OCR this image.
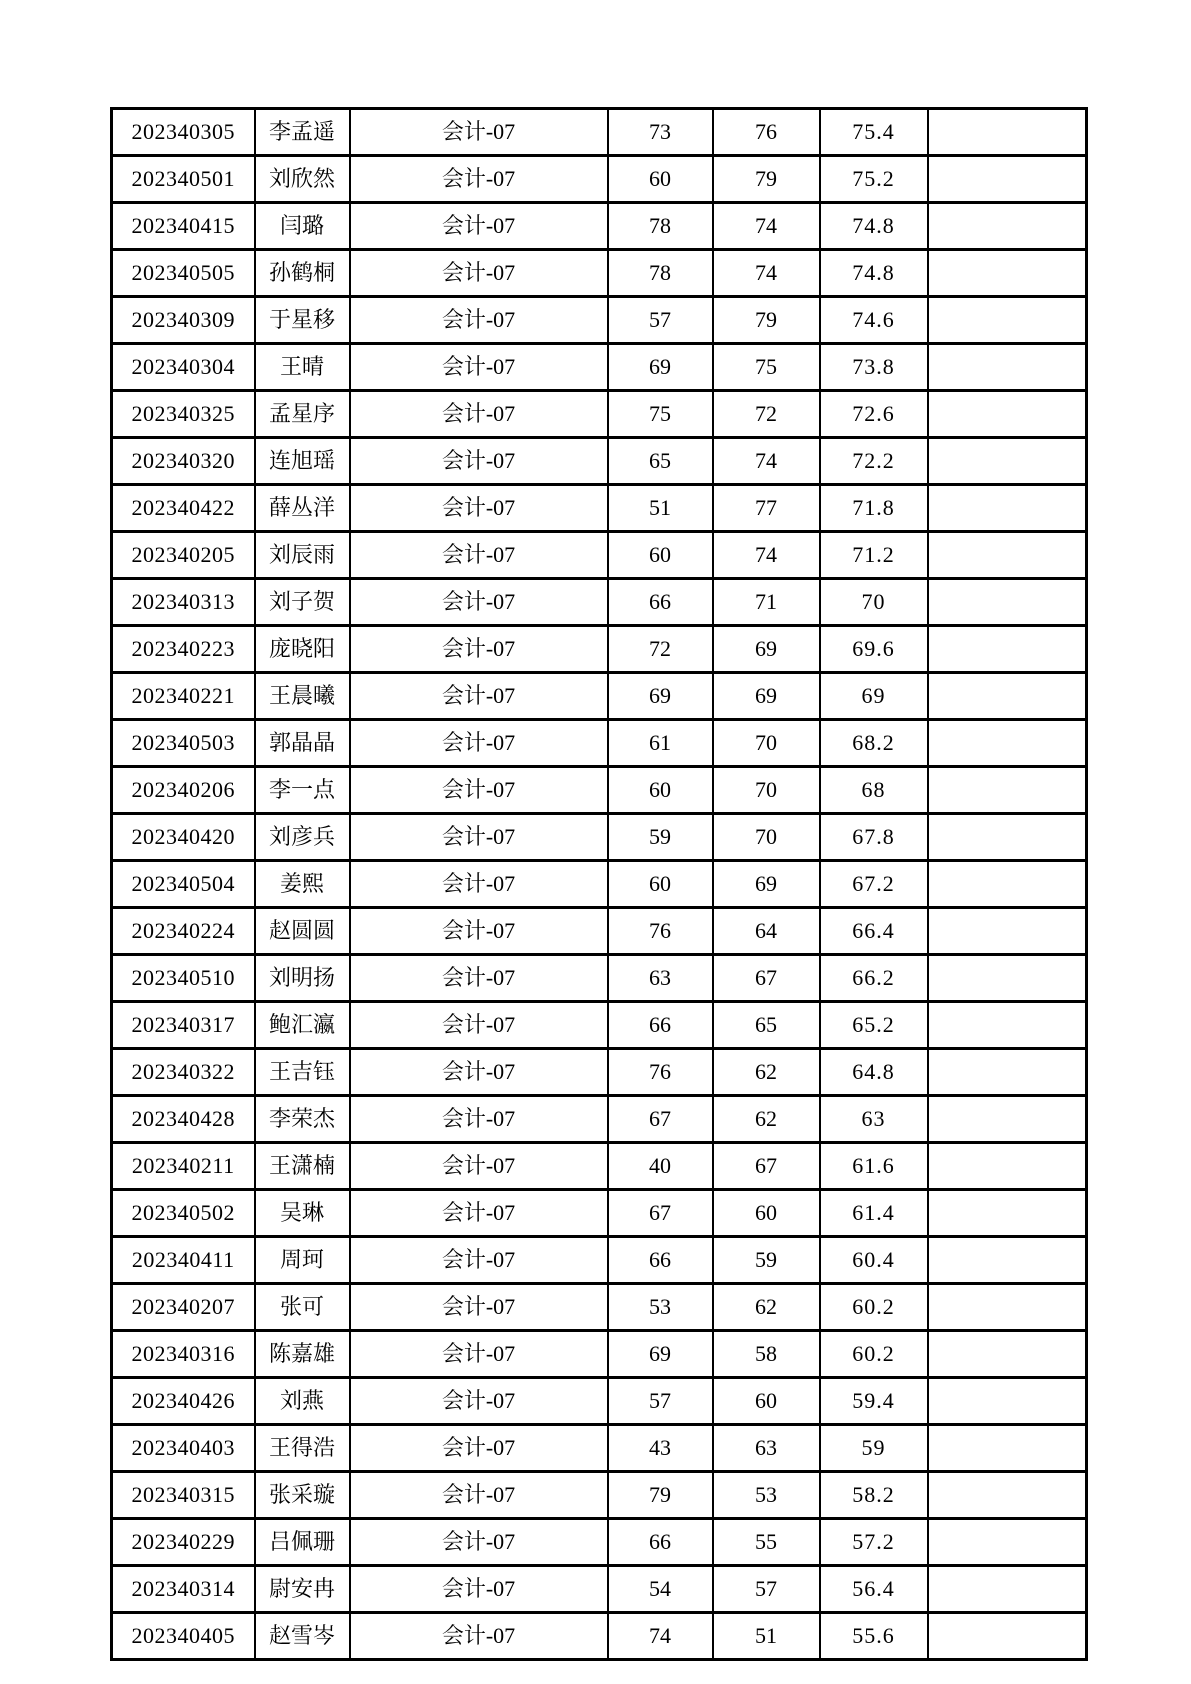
202340305	李孟遥	会计-07	73	76	75.4	
202340501	刘欣然	会计-07	60	79	75.2	
202340415	闫璐	会计-07	78	74	74.8	
202340505	孙鹤桐	会计-07	78	74	74.8	
202340309	于星移	会计-07	57	79	74.6	
202340304	王晴	会计-07	69	75	73.8	
202340325	孟星序	会计-07	75	72	72.6	
202340320	连旭瑶	会计-07	65	74	72.2	
202340422	薛丛洋	会计-07	51	77	71.8	
202340205	刘辰雨	会计-07	60	74	71.2	
202340313	刘子贺	会计-07	66	71	70	
202340223	庞晓阳	会计-07	72	69	69.6	
202340221	王晨曦	会计-07	69	69	69	
202340503	郭晶晶	会计-07	61	70	68.2	
202340206	李一点	会计-07	60	70	68	
202340420	刘彦兵	会计-07	59	70	67.8	
202340504	姜熙	会计-07	60	69	67.2	
202340224	赵圆圆	会计-07	76	64	66.4	
202340510	刘明扬	会计-07	63	67	66.2	
202340317	鲍汇瀛	会计-07	66	65	65.2	
202340322	王吉钰	会计-07	76	62	64.8	
202340428	李荣杰	会计-07	67	62	63	
202340211	王潇楠	会计-07	40	67	61.6	
202340502	吴琳	会计-07	67	60	61.4	
202340411	周珂	会计-07	66	59	60.4	
202340207	张可	会计-07	53	62	60.2	
202340316	陈嘉雄	会计-07	69	58	60.2	
202340426	刘燕	会计-07	57	60	59.4	
202340403	王得浩	会计-07	43	63	59	
202340315	张采璇	会计-07	79	53	58.2	
202340229	吕佩珊	会计-07	66	55	57.2	
202340314	尉安冉	会计-07	54	57	56.4	
202340405	赵雪岑	会计-07	74	51	55.6	
